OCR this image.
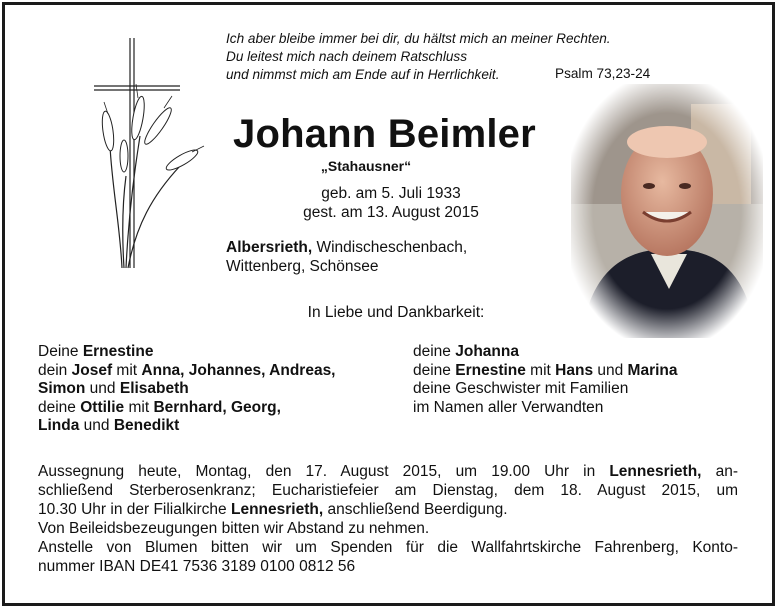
Ich aber bleibe immer bei dir, du hältst mich an meiner Rechten.
Du leitest mich nach deinem Ratschluss
und nimmst mich am Ende auf in Herrlichkeit.	Psalm 73,23-24
Johann Beimler
„Stahausner“
geb. am 5. Juli 1933
gest. am 13. August 2015
Albersrieth, Windischeschenbach,
Wittenberg, Schönsee
In Liebe und Dankbarkeit:
Deine Ernestine
dein Josef mit Anna, Johannes, Andreas,
Simon und Elisabeth
deine Ottilie mit Bernhard, Georg,
Linda und Benedikt
deine Johanna
deine Ernestine mit Hans und Marina
deine Geschwister mit Familien
im Namen aller Verwandten
Aussegnung heute, Montag, den 17. August 2015, um 19.00 Uhr in Lennesrieth, an-
schließend Sterberosenkranz; Eucharistiefeier am Dienstag, dem 18. August 2015, um
10.30 Uhr in der Filialkirche Lennesrieth, anschließend Beerdigung.
Von Beileidsbezeugungen bitten wir Abstand zu nehmen.
Anstelle von Blumen bitten wir um Spenden für die Wallfahrtskirche Fahrenberg, Konto-
nummer IBAN DE41 7536 3189 0100 0812 56
